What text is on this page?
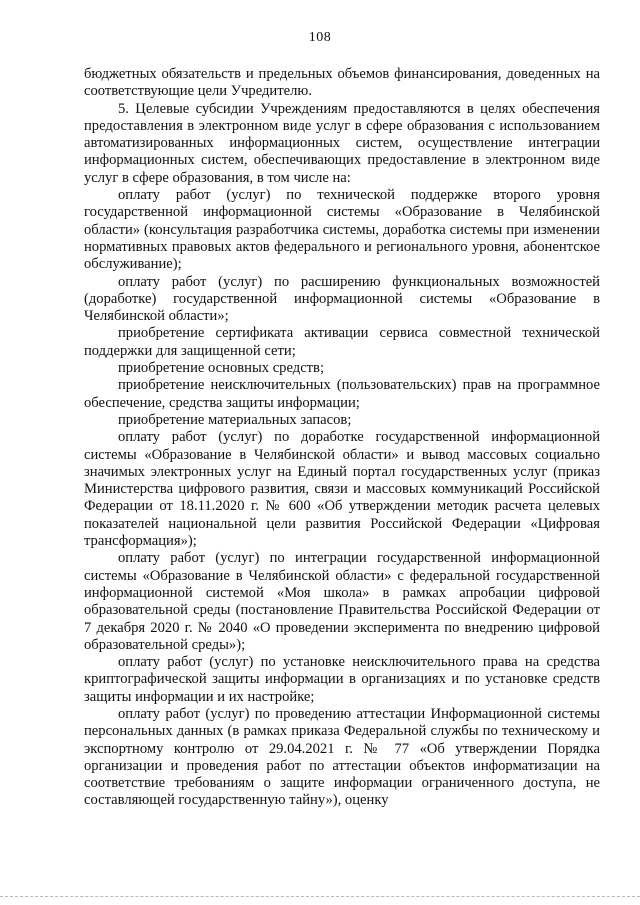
108

бюджетных обязательств и предельных объемов финансирования, доведенных на соответствующие цели Учредителю.

5. Целевые субсидии Учреждениям предоставляются в целях обеспечения предоставления в электронном виде услуг в сфере образования с использованием автоматизированных информационных систем, осуществление интеграции информационных систем, обеспечивающих предоставление в электронном виде услуг в сфере образования, в том числе на:

оплату работ (услуг) по технической поддержке второго уровня государственной информационной системы «Образование в Челябинской области» (консультация разработчика системы, доработка системы при изменении нормативных правовых актов федерального и регионального уровня, абонентское обслуживание);

оплату работ (услуг) по расширению функциональных возможностей (доработке) государственной информационной системы «Образование в Челябинской области»;

приобретение сертификата активации сервиса совместной технической поддержки для защищенной сети;

приобретение основных средств;

приобретение неисключительных (пользовательских) прав на программное обеспечение, средства защиты информации;

приобретение материальных запасов;

оплату работ (услуг) по доработке государственной информационной системы «Образование в Челябинской области» и вывод массовых социально значимых электронных услуг на Единый портал государственных услуг (приказ Министерства цифрового развития, связи и массовых коммуникаций Российской Федерации от 18.11.2020 г. № 600 «Об утверждении методик расчета целевых показателей национальной цели развития Российской Федерации «Цифровая трансформация»);

оплату работ (услуг) по интеграции государственной информационной системы «Образование в Челябинской области» с федеральной государственной информационной системой «Моя школа» в рамках апробации цифровой образовательной среды (постановление Правительства Российской Федерации от 7 декабря 2020 г. № 2040 «О проведении эксперимента по внедрению цифровой образовательной среды»);

оплату работ (услуг) по установке неисключительного права на средства криптографической защиты информации в организациях и по установке средств защиты информации и их настройке;

оплату работ (услуг) по проведению аттестации Информационной системы персональных данных (в рамках приказа Федеральной службы по техническому и экспортному контролю от 29.04.2021 г. № 77 «Об утверждении Порядка организации и проведения работ по аттестации объектов информатизации на соответствие требованиям о защите информации ограниченного доступа, не составляющей государственную тайну»), оценку
